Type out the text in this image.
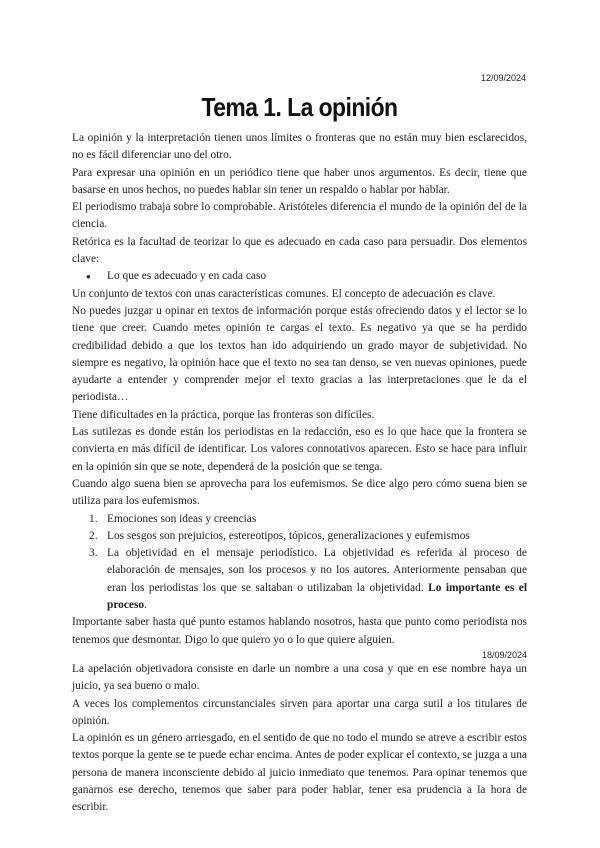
12/09/2024
Tema 1. La opinión

La opinión y la interpretación tienen unos límites o fronteras que no están muy bien esclarecidos, no es fácil diferenciar uno del otro.

Para expresar una opinión en un periódico tiene que haber unos argumentos. Es decir, tiene que basarse en unos hechos, no puedes hablar sin tener un respaldo o hablar por hablar.

El periodismo trabaja sobre lo comprobable. Aristóteles diferencia el mundo de la opinión del de la ciencia.

Retórica es la facultad de teorizar lo que es adecuado en cada caso para persuadir. Dos elementos clave:

● Lo que es adecuado y en cada caso

Un conjunto de textos con unas características comunes. El concepto de adecuación es clave.

No puedes juzgar u opinar en textos de información porque estás ofreciendo datos y el lector se lo tiene que creer. Cuando metes opinión te cargas el texto. Es negativo ya que se ha perdido credibilidad debido a que los textos han ido adquiriendo un grado mayor de subjetividad. No siempre es negativo, la opinión hace que el texto no sea tan denso, se ven nuevas opiniones, puede ayudarte a entender y comprender mejor el texto gracias a las interpretaciones que le da el periodista…

Tiene dificultades en la práctica, porque las fronteras son difíciles.

Las sutilezas es donde están los periodistas en la redacción, eso es lo que hace que la frontera se convierta en más difícil de identificar. Los valores connotativos aparecen. Esto se hace para influir en la opinión sin que se note, dependerá de la posición que se tenga.

Cuando algo suena bien se aprovecha para los eufemismos. Se dice algo pero cómo suena bien se utiliza para los eufemismos.

1. Emociones son ideas y creencias
2. Los sesgos son prejuicios, estereotipos, tópicos, generalizaciones y eufemismos
3. La objetividad en el mensaje periodístico. La objetividad es referida al proceso de elaboración de mensajes, son los procesos y no los autores. Anteriormente pensaban que eran los periodistas los que se saltaban o utilizaban la objetividad. Lo importante es el proceso.

Importante saber hasta qué punto estamos hablando nosotros, hasta que punto como periodista nos tenemos que desmontar. Digo lo que quiero yo o lo que quiere alguien.

18/09/2024

La apelación objetivadora consiste en darle un nombre a una cosa y que en ese nombre haya un juicio, ya sea bueno o malo.

A veces los complementos circunstanciales sirven para aportar una carga sutil a los titulares de opinión.

La opinión es un género arriesgado, en el sentido de que no todo el mundo se atreve a escribir estos textos porque la gente se te puede echar encima. Antes de poder explicar el contexto, se juzga a una persona de manera inconsciente debido al juicio inmediato que tenemos. Para opinar tenemos que ganarnos ese derecho, tenemos que saber para poder hablar, tener esa prudencia a la hora de escribir.
